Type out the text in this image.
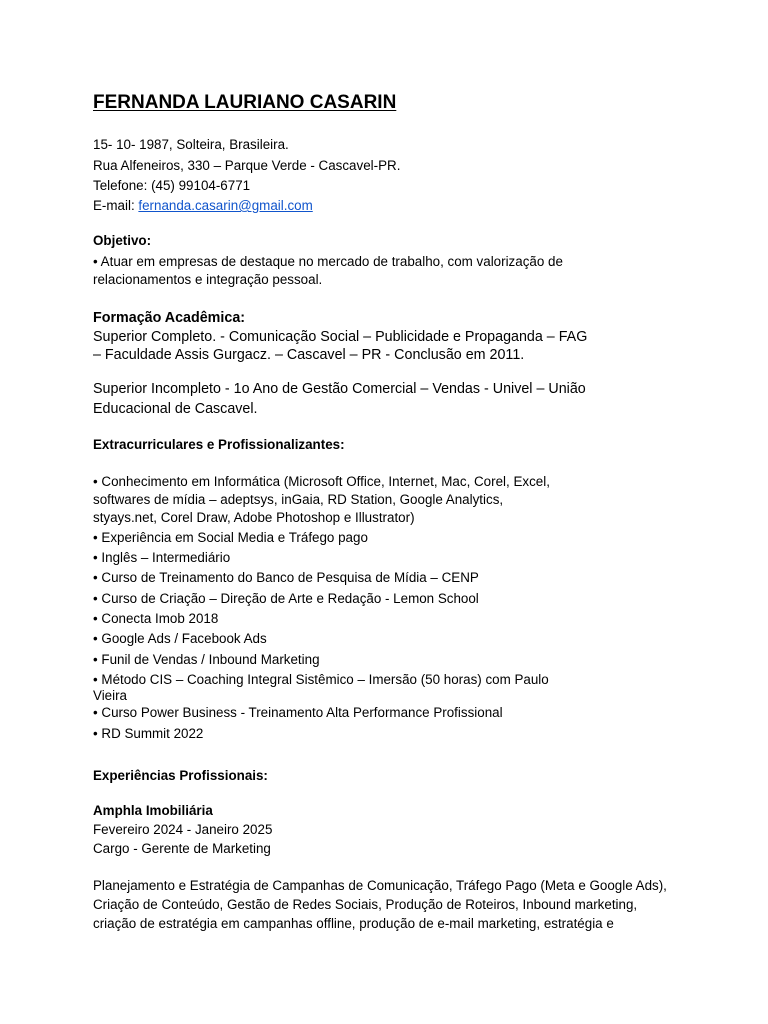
FERNANDA LAURIANO CASARIN

15- 10- 1987, Solteira, Brasileira.

Rua Alfeneiros, 330 – Parque Verde - Cascavel-PR.

Telefone: (45) 99104-6771

E-mail: fernanda.casarin@gmail.com

Objetivo:

• Atuar em empresas de destaque no mercado de trabalho, com valorização de

relacionamentos e integração pessoal.

Formação Acadêmica:

Superior Completo. - Comunicação Social – Publicidade e Propaganda – FAG

– Faculdade Assis Gurgacz. – Cascavel – PR - Conclusão em 2011.

Superior Incompleto - 1o Ano de Gestão Comercial – Vendas - Univel – União

Educacional de Cascavel.

Extracurriculares e Profissionalizantes:

• Conhecimento em Informática (Microsoft Office, Internet, Mac, Corel, Excel,

softwares de mídia – adeptsys, inGaia, RD Station, Google Analytics,

styays.net, Corel Draw, Adobe Photoshop e Illustrator)

• Experiência em Social Media e Tráfego pago

• Inglês – Intermediário

• Curso de Treinamento do Banco de Pesquisa de Mídia – CENP

• Curso de Criação – Direção de Arte e Redação - Lemon School

• Conecta Imob 2018

• Google Ads / Facebook Ads

• Funil de Vendas / Inbound Marketing

• Método CIS – Coaching Integral Sistêmico – Imersão (50 horas) com Paulo

Vieira

• Curso Power Business - Treinamento Alta Performance Profissional

• RD Summit 2022

Experiências Profissionais:

Amphla Imobiliária

Fevereiro 2024 - Janeiro 2025

Cargo - Gerente de Marketing

Planejamento e Estratégia de Campanhas de Comunicação, Tráfego Pago (Meta e Google Ads),

Criação de Conteúdo, Gestão de Redes Sociais, Produção de Roteiros, Inbound marketing,

criação de estratégia em campanhas offline, produção de e-mail marketing, estratégia e
